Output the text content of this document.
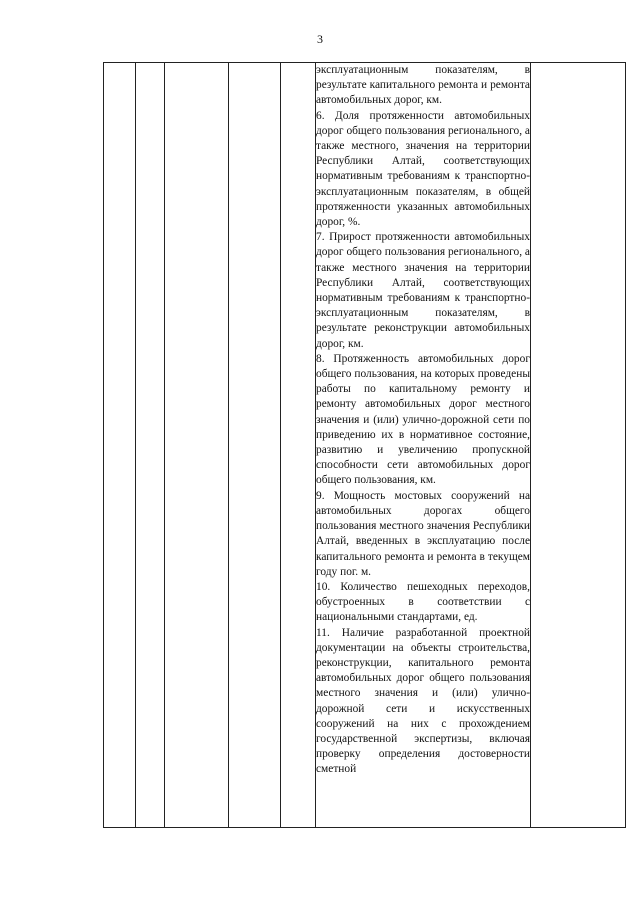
3

эксплуатационным показателям, в результате капитального ремонта и ремонта автомобильных дорог, км.

6. Доля протяженности автомобильных дорог общего пользования регионального, а также местного, значения на территории Республики Алтай, соответствующих нормативным требованиям к транспортно-эксплуатационным показателям, в общей протяженности указанных автомобильных дорог, %.

7. Прирост протяженности автомобильных дорог общего пользования регионального, а также местного значения на территории Республики Алтай, соответствующих нормативным требованиям к транспортно-эксплуатационным показателям, в результате реконструкции автомобильных дорог, км.

8. Протяженность автомобильных дорог общего пользования, на которых проведены работы по капитальному ремонту и ремонту автомобильных дорог местного значения и (или) улично-дорожной сети по приведению их в нормативное состояние, развитию и увеличению пропускной способности сети автомобильных дорог общего пользования, км.

9. Мощность мостовых сооружений на автомобильных дорогах общего пользования местного значения Республики Алтай, введенных в эксплуатацию после капитального ремонта и ремонта в текущем году пог. м.

10. Количество пешеходных переходов, обустроенных в соответствии с национальными стандартами, ед.

11. Наличие разработанной проектной документации на объекты строительства, реконструкции, капитального ремонта автомобильных дорог общего пользования местного значения и (или) улично-дорожной сети и искусственных сооружений на них с прохождением государственной экспертизы, включая проверку определения достоверности сметной
